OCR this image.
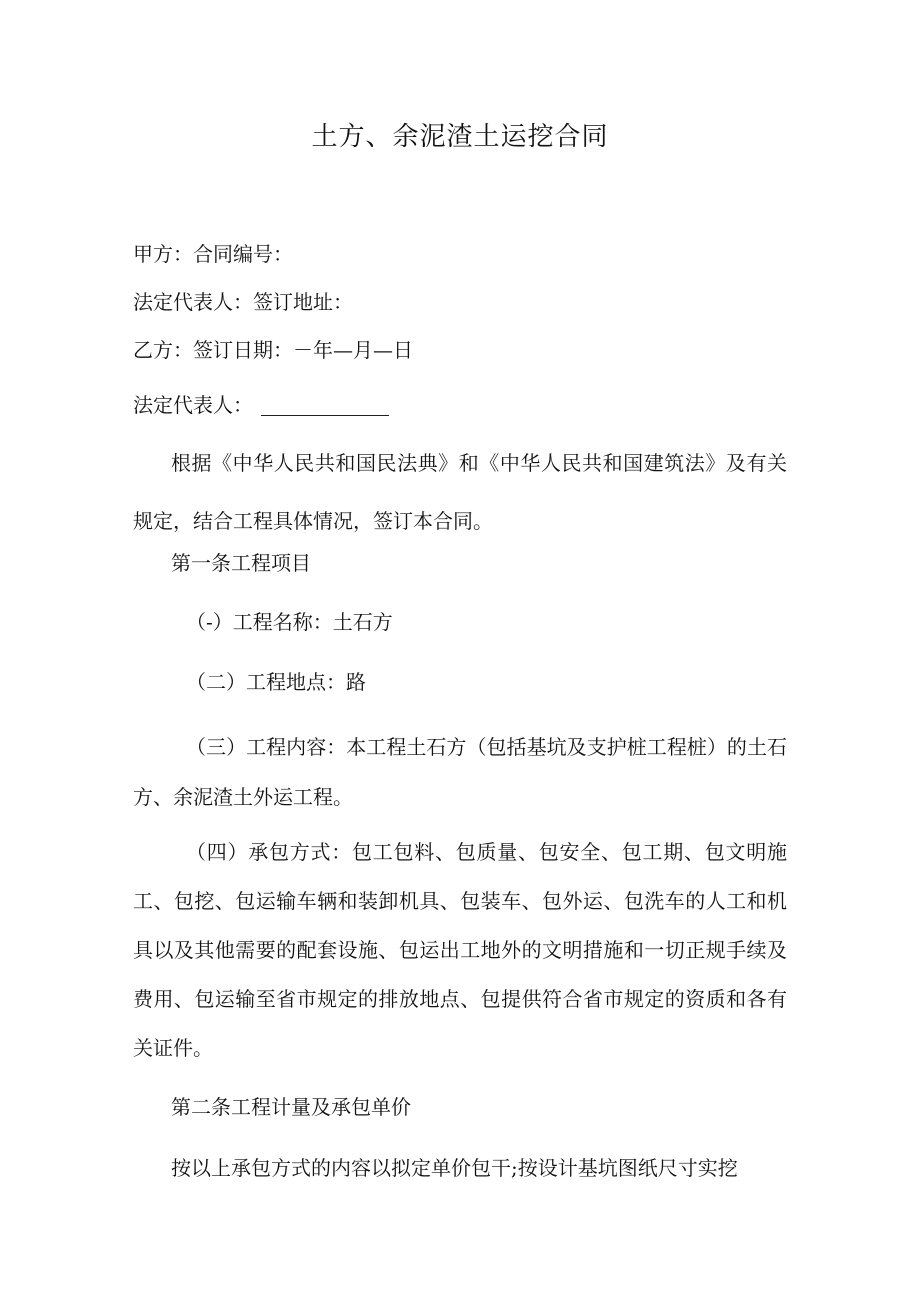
土方、余泥渣土运挖合同
甲方：合同编号：
法定代表人：签订地址：
乙方：签订日期：－年—月—日
法定代表人：
根据《中华人民共和国民法典》和《中华人民共和国建筑法》及有关规定，结合工程具体情况，签订本合同。
第一条工程项目
（-）工程名称：土石方
（二）工程地点：路
（三）工程内容：本工程土石方（包括基坑及支护桩工程桩）的土石方、余泥渣土外运工程。
（四）承包方式：包工包料、包质量、包安全、包工期、包文明施工、包挖、包运输车辆和装卸机具、包装车、包外运、包洗车的人工和机具以及其他需要的配套设施、包运出工地外的文明措施和一切正规手续及费用、包运输至省市规定的排放地点、包提供符合省市规定的资质和各有关证件。
第二条工程计量及承包单价
按以上承包方式的内容以拟定单价包干;按设计基坑图纸尺寸实挖
